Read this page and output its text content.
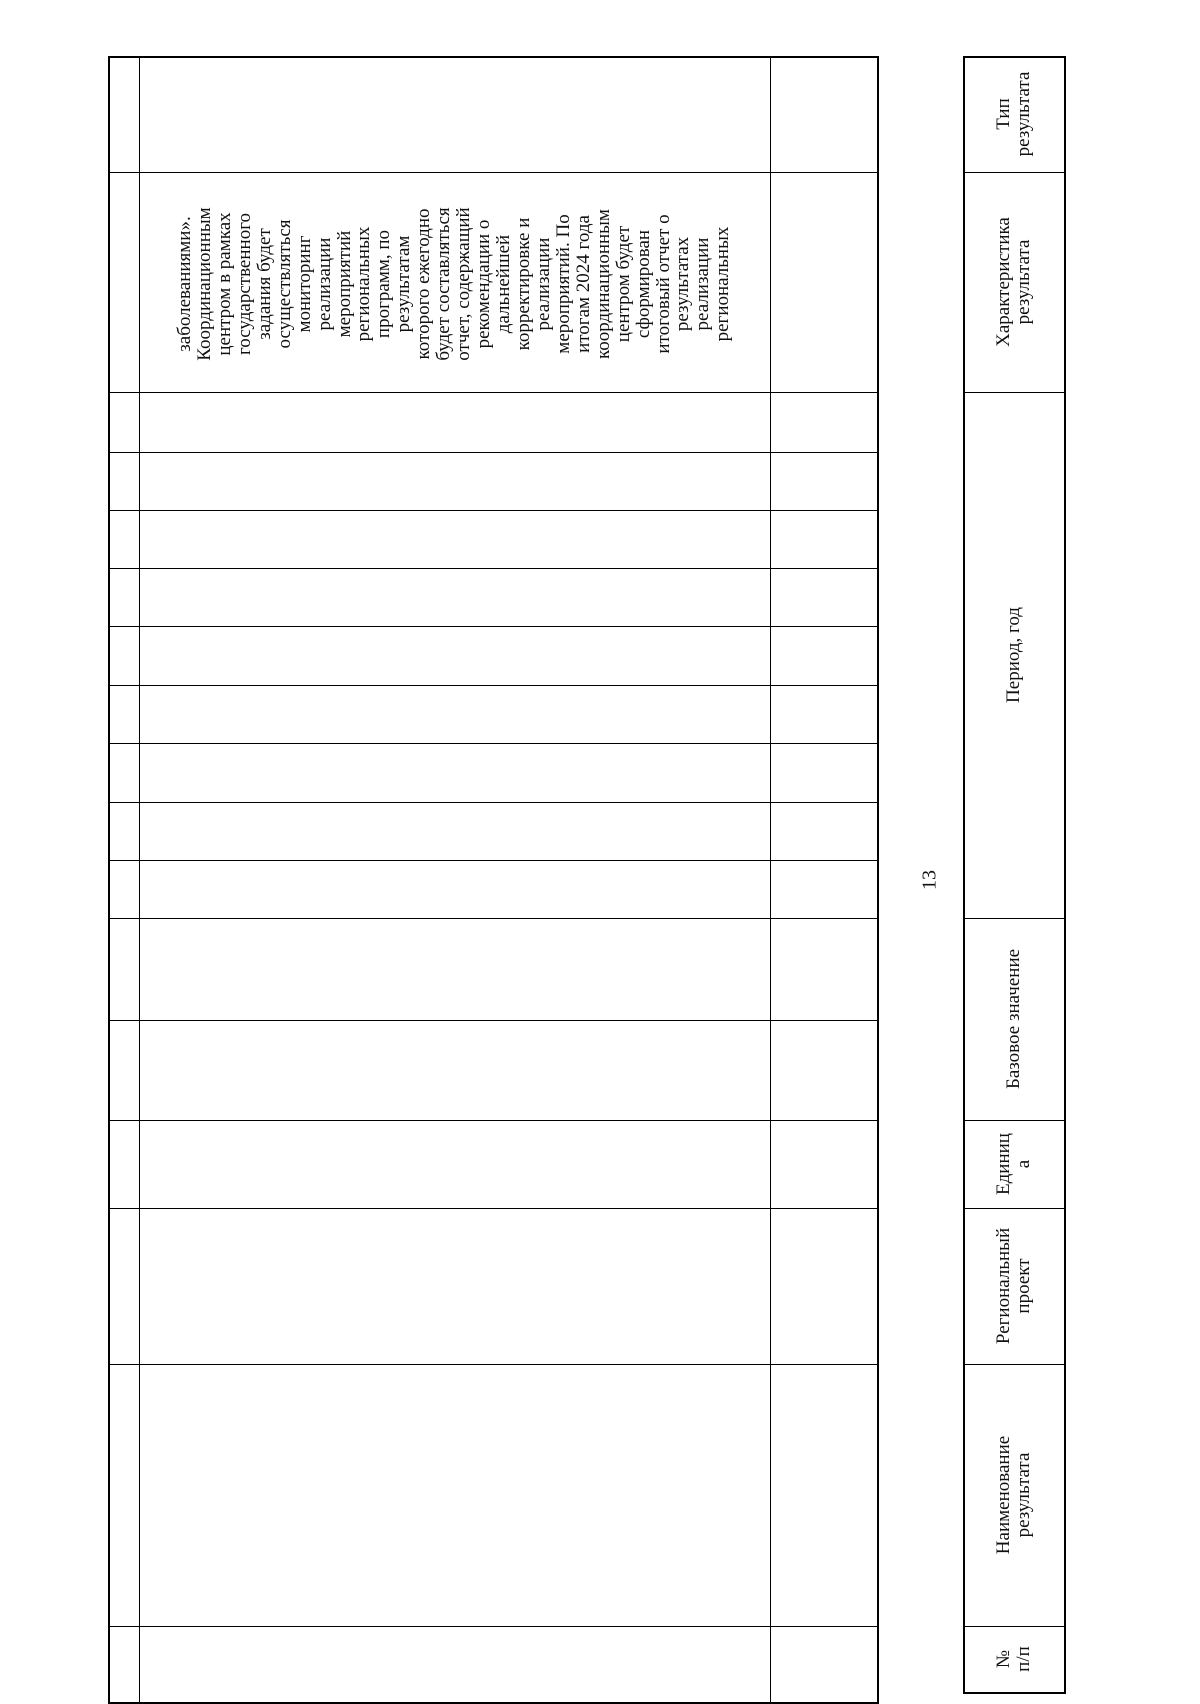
заболеваниями».
Координационным
центром в рамках
государственного
задания будет
осуществляться
мониторинг
реализации
мероприятий
региональных
программ, по
результатам
которого ежегодно
будет составляться
отчет, содержащий
рекомендации о
дальнейшей
корректировке и
реализации
мероприятий. По
итогам 2024 года
координационным
центром будет
сформирован
итоговый отчет о
результатах
реализации
региональных
13
Тип
результата
Характеристика
результата
Период, год
Базовое значение
Единиц
а
Региональный
проект
Наименование
результата
№
п/п
